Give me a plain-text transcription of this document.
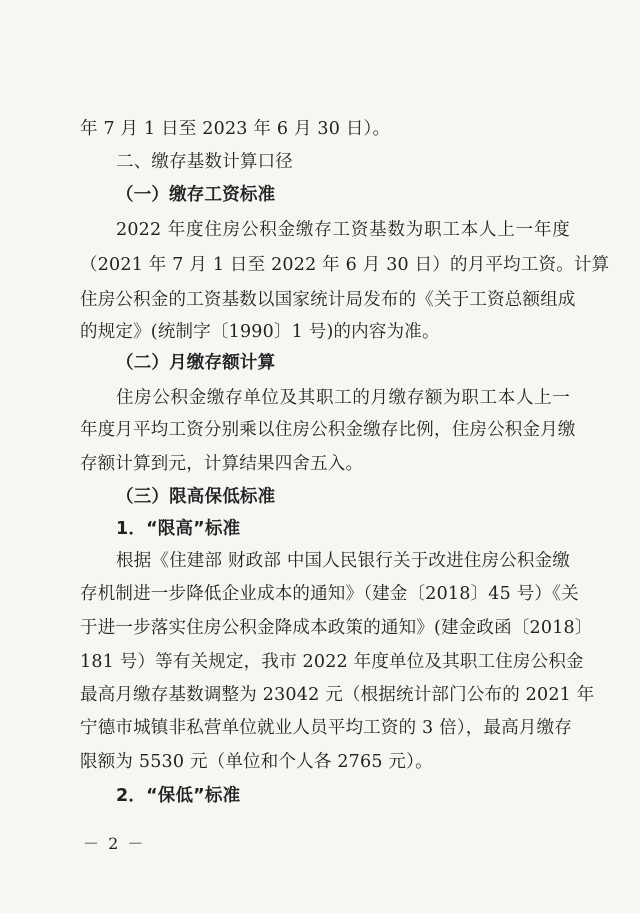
年 7 月 1 日至 2023 年 6 月 30 日）。
二、缴存基数计算口径
（一）缴存工资标准
2022 年度住房公积金缴存工资基数为职工本人上一年度
（2021 年 7 月 1 日至 2022 年 6 月 30 日）的月平均工资。计算
住房公积金的工资基数以国家统计局发布的《关于工资总额组成
的规定》(统制字〔1990〕1 号)的内容为准。
（二）月缴存额计算
住房公积金缴存单位及其职工的月缴存额为职工本人上一
年度月平均工资分别乘以住房公积金缴存比例，住房公积金月缴
存额计算到元，计算结果四舍五入。
（三）限高保低标准
1．“限高”标准
根据《住建部 财政部 中国人民银行关于改进住房公积金缴
存机制进一步降低企业成本的通知》（建金〔2018〕45 号）《关
于进一步落实住房公积金降成本政策的通知》(建金政函〔2018〕
181 号）等有关规定，我市 2022 年度单位及其职工住房公积金
最高月缴存基数调整为 23042 元（根据统计部门公布的 2021 年
宁德市城镇非私营单位就业人员平均工资的 3 倍），最高月缴存
限额为 5530 元（单位和个人各 2765 元）。
2．“保低”标准
－ 2 －
